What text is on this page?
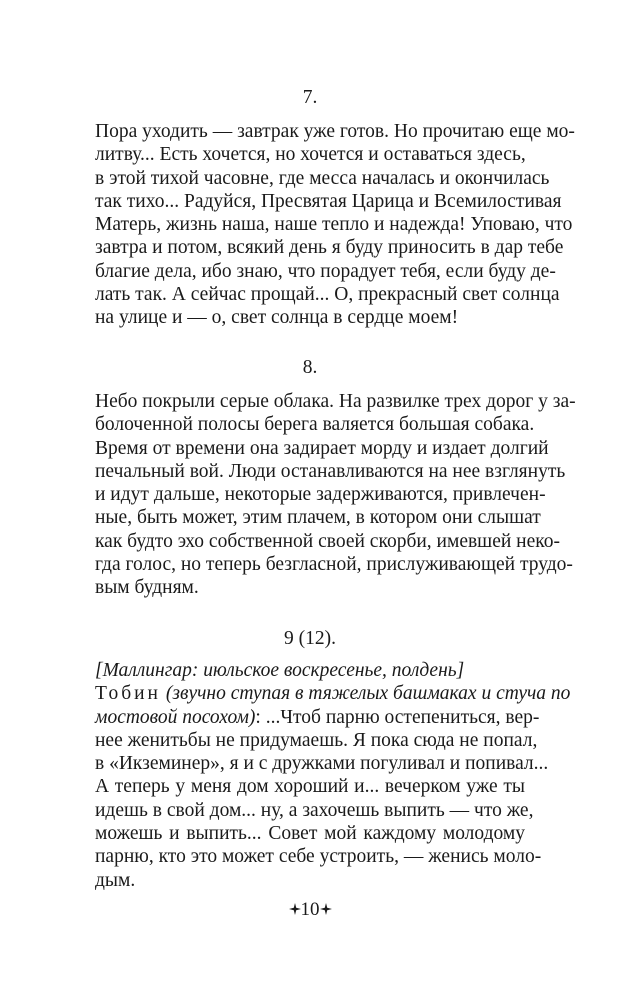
7.
Пора уходить — завтрак уже готов. Но прочитаю еще мо-
литву... Есть хочется, но хочется и оставаться здесь,
в этой тихой часовне, где месса началась и окончилась
так тихо... Радуйся, Пресвятая Царица и Всемилостивая
Матерь, жизнь наша, наше тепло и надежда! Уповаю, что
завтра и потом, всякий день я буду приносить в дар тебе
благие дела, ибо знаю, что порадует тебя, если буду де-
лать так. А сейчас прощай... О, прекрасный свет солнца
на улице и — о, свет солнца в сердце моем!
8.
Небо покрыли серые облака. На развилке трех дорог у за-
болоченной полосы берега валяется большая собака.
Время от времени она задирает морду и издает долгий
печальный вой. Люди останавливаются на нее взглянуть
и идут дальше, некоторые задерживаются, привлечен-
ные, быть может, этим плачем, в котором они слышат
как будто эхо собственной своей скорби, имевшей неко-
гда голос, но теперь безгласной, прислуживающей трудо-
вым будням.
9 (12).
[Маллингар: июльское воскресенье, полдень]
Тобин (звучно ступая в тяжелых башмаках и стуча по
мостовой посохом): ...Чтоб парню остепениться, вер-
нее женитьбы не придумаешь. Я пока сюда не попал,
в «Икземинер», я и с дружками погуливал и попивал...
А теперь у меня дом хороший и... вечерком уже ты
идешь в свой дом... ну, а захочешь выпить — что же,
можешь и выпить... Совет мой каждому молодому
парню, кто это может себе устроить, — женись моло-
дым.
10
